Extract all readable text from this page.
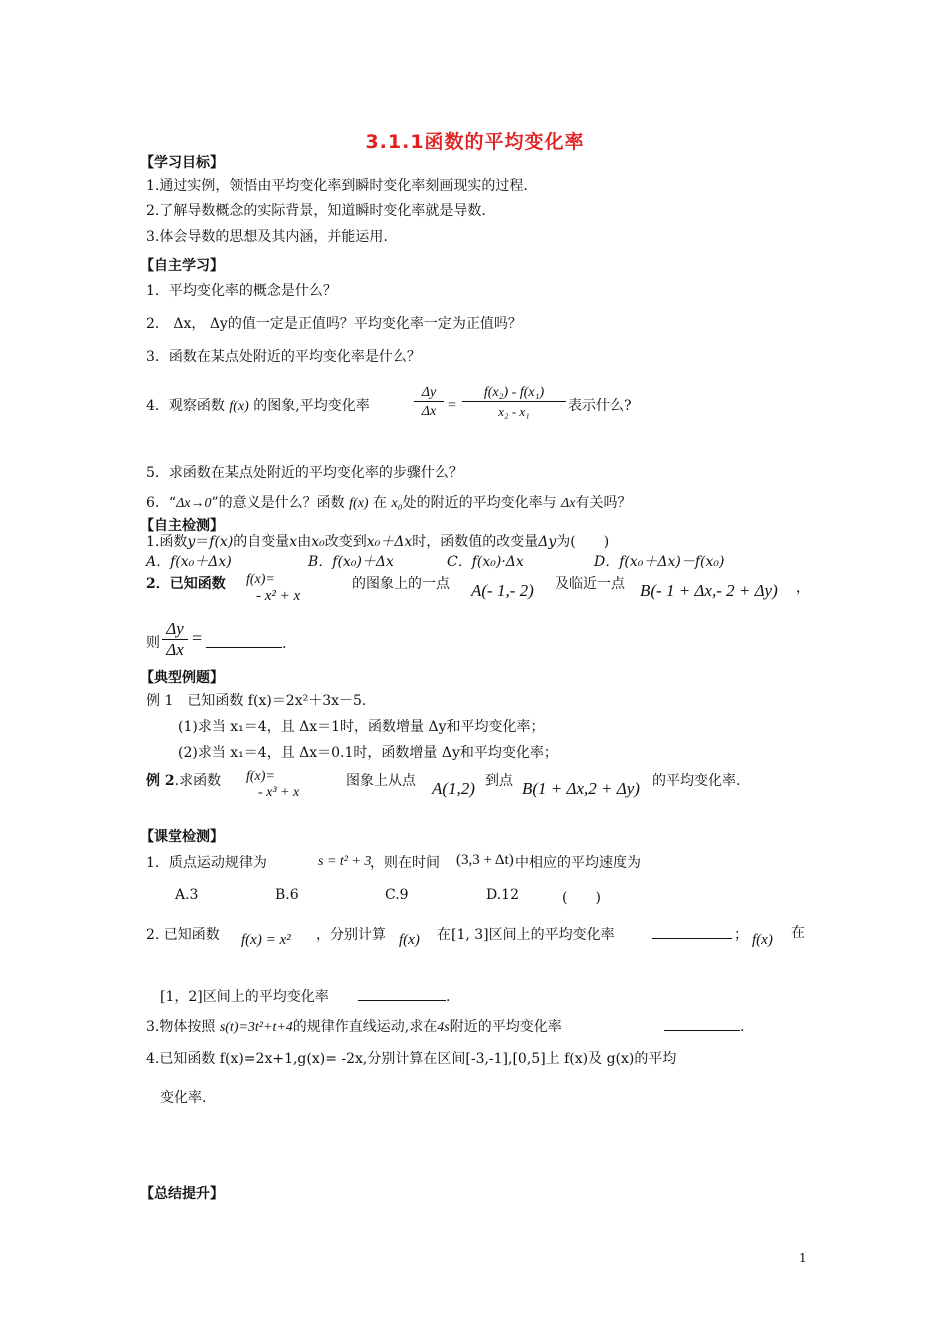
3.1.1函数的平均变化率
【学习目标】
1.通过实例，领悟由平均变化率到瞬时变化率刻画现实的过程.
2.了解导数概念的实际背景，知道瞬时变化率就是导数.
3.体会导数的思想及其内涵，并能运用.
【自主学习】
1．平均变化率的概念是什么？
2． Δx， Δy的值一定是正值吗？平均变化率一定为正值吗？
3．函数在某点处附近的平均变化率是什么？
4．观察函数 f(x) 的图象,平均变化率	$\frac{\Delta y}{\Delta x} = \frac{\text{f(x₂) - f(x₁)}}{\text{x₂ - x₁}}$ 表示什么?
5．求函数在某点处附近的平均变化率的步骤什么？
6．“Δx→0”的意义是什么？函数 f(x) 在 x₀处的附近的平均变化率与 Δx有关吗？
【自主检测】
1.函数y＝f(x)的自变量x由x₀改变到x₀＋Δx时，函数值的改变量Δy为(　　)
A．f(x₀＋Δx)	B．f(x₀)＋Δx	C．f(x₀)·Δx	D．f(x₀＋Δx)－f(x₀)
2．已知函数 f(x)=
- x² + x
的图象上的一点 A(- 1,- 2) 及临近一点 B(- 1 + Δx,- 2 + Δy) ，
则 $\frac{\Delta y}{\Delta x}$ =	.
【典型例题】
例 1　已知函数 f(x)＝2x²＋3x－5.
(1)求当 x₁＝4，且 Δx＝1时，函数增量 Δy和平均变化率；
(2)求当 x₁＝4，且 Δx＝0.1时，函数增量 Δy和平均变化率；
例 2.求函数 f(x)=
- x³ + x
图象上从点 A(1,2) 到点 B(1 + Δx,2 + Δy) 的平均变化率.
【课堂检测】
1．质点运动规律为	s = t² + 3
，则在时间 (3,3 + Δt) 中相应的平均速度为
A.3	B.6	C.9	D.12	(　　)
2. 已知函数 f(x) = x² ，分别计算 f(x) 在[1, 3]区间上的平均变化率	； f(x) 在
[1，2]区间上的平均变化率	.
3.物体按照 s(t)=3t²+t+4的规律作直线运动,求在4s附近的平均变化率	.
4.已知函数 f(x)=2x+1,g(x)= -2x,分别计算在区间[-3,-1],[0,5]上 f(x)及 g(x)的平均
变化率.
【总结提升】
1
